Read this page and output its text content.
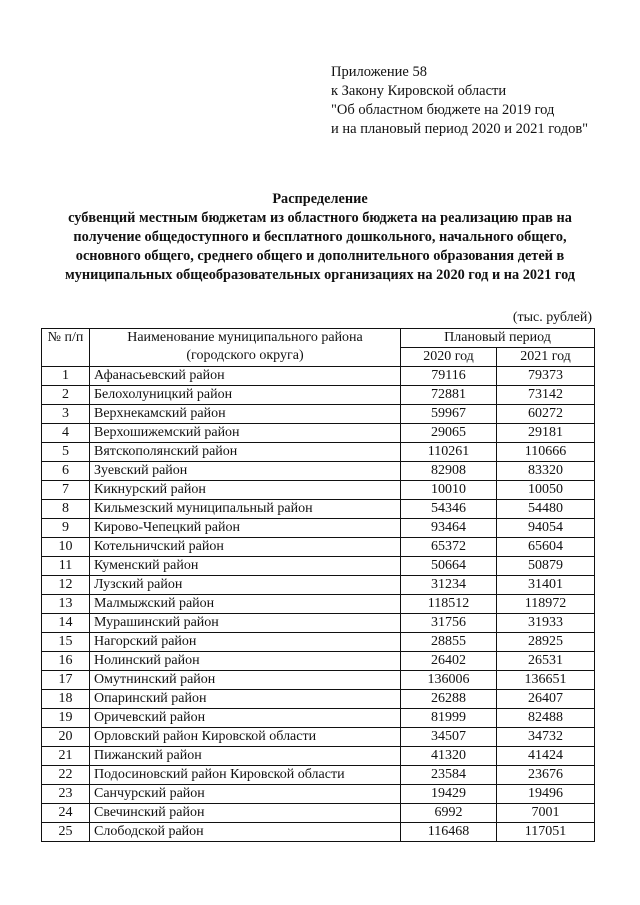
Приложение 58
к Закону Кировской области
"Об областном бюджете на 2019 год
и на плановый период 2020 и 2021 годов"
Распределение
субвенций местным бюджетам из областного бюджета на реализацию прав на
получение общедоступного и бесплатного дошкольного, начального общего,
основного общего, среднего общего и дополнительного образования детей в
муниципальных общеобразовательных организациях на 2020 год и на 2021 год
(тыс. рублей)
№ п/п	Наименование муниципального района
(городского округа)	Плановый период	
		2020 год	2021 год
1	Афанасьевский район	79116	79373
2	Белохолуницкий район	72881	73142
3	Верхнекамский район	59967	60272
4	Верхошижемский район	29065	29181
5	Вятскополянский район	110261	110666
6	Зуевский район	82908	83320
7	Кикнурский район	10010	10050
8	Кильмезский муниципальный район	54346	54480
9	Кирово-Чепецкий район	93464	94054
10	Котельничский район	65372	65604
11	Куменский район	50664	50879
12	Лузский район	31234	31401
13	Малмыжский район	118512	118972
14	Мурашинский район	31756	31933
15	Нагорский район	28855	28925
16	Нолинский район	26402	26531
17	Омутнинский район	136006	136651
18	Опаринский район	26288	26407
19	Оричевский район	81999	82488
20	Орловский район Кировской области	34507	34732
21	Пижанский район	41320	41424
22	Подосиновский район Кировской области	23584	23676
23	Санчурский район	19429	19496
24	Свечинский район	6992	7001
25	Слободской район	116468	117051
